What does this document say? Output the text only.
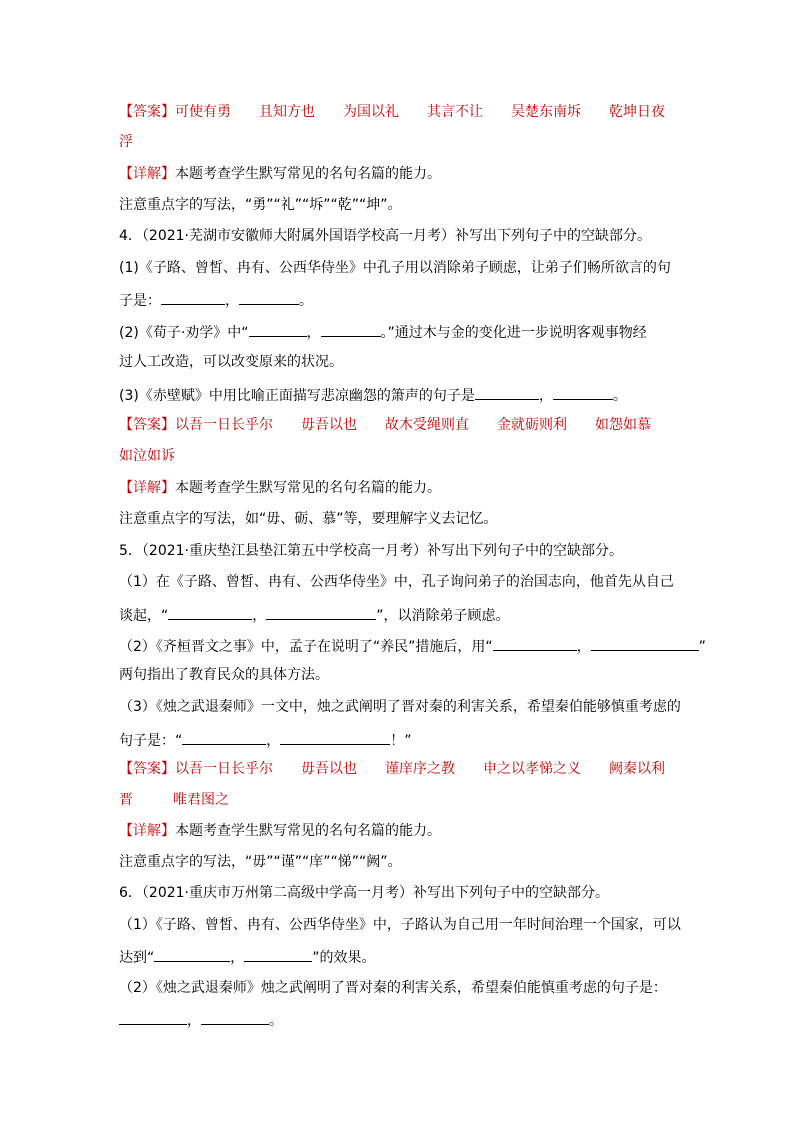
【答案】可使有勇 且知方也 为国以礼 其言不让 吴楚东南坼 乾坤日夜
浮
【详解】本题考查学生默写常见的名句名篇的能力。
注意重点字的写法，“勇”“礼”“坼”“乾”“坤”。
4．（2021·芜湖市安徽师大附属外国语学校高一月考）补写出下列句子中的空缺部分。
(1)《子路、曾皙、冉有、公西华侍坐》中孔子用以消除弟子顾虑，让弟子们畅所欲言的句
子是：	，	。
(2)《荀子·劝学》中“	，	。”通过木与金的变化进一步说明客观事物经
过人工改造，可以改变原来的状况。
(3)《赤壁赋》中用比喻正面描写悲凉幽怨的箫声的句子是	，	。
【答案】以吾一日长乎尔 毋吾以也 故木受绳则直 金就砺则利 如怨如慕
如泣如诉
【详解】本题考查学生默写常见的名句名篇的能力。
注意重点字的写法，如“毋、砺、慕”等，要理解字义去记忆。
5．（2021·重庆垫江县垫江第五中学校高一月考）补写出下列句子中的空缺部分。
（1）在《子路、曾皙、冉有、公西华侍坐》中，孔子询问弟子的治国志向，他首先从自己
谈起，“	，	”，以消除弟子顾虑。
（2）《齐桓晋文之事》中，孟子在说明了“养民”措施后，用“	，	”
两句指出了教育民众的具体方法。
（3）《烛之武退秦师》一文中，烛之武阐明了晋对秦的利害关系，希望秦伯能够慎重考虑的
句子是：“	，	！”
【答案】以吾一日长乎尔 毋吾以也 谨庠序之教 申之以孝悌之义 阙秦以利
晋	唯君图之
【详解】本题考查学生默写常见的名句名篇的能力。
注意重点字的写法，“毋”“谨”“庠”“悌”“阙”。
6．（2021·重庆市万州第二高级中学高一月考）补写出下列句子中的空缺部分。
（1）《子路、曾皙、冉有、公西华侍坐》中，子路认为自己用一年时间治理一个国家，可以
达到“	，	”的效果。
（2）《烛之武退秦师》烛之武阐明了晋对秦的利害关系，希望秦伯能慎重考虑的句子是：
，	。
